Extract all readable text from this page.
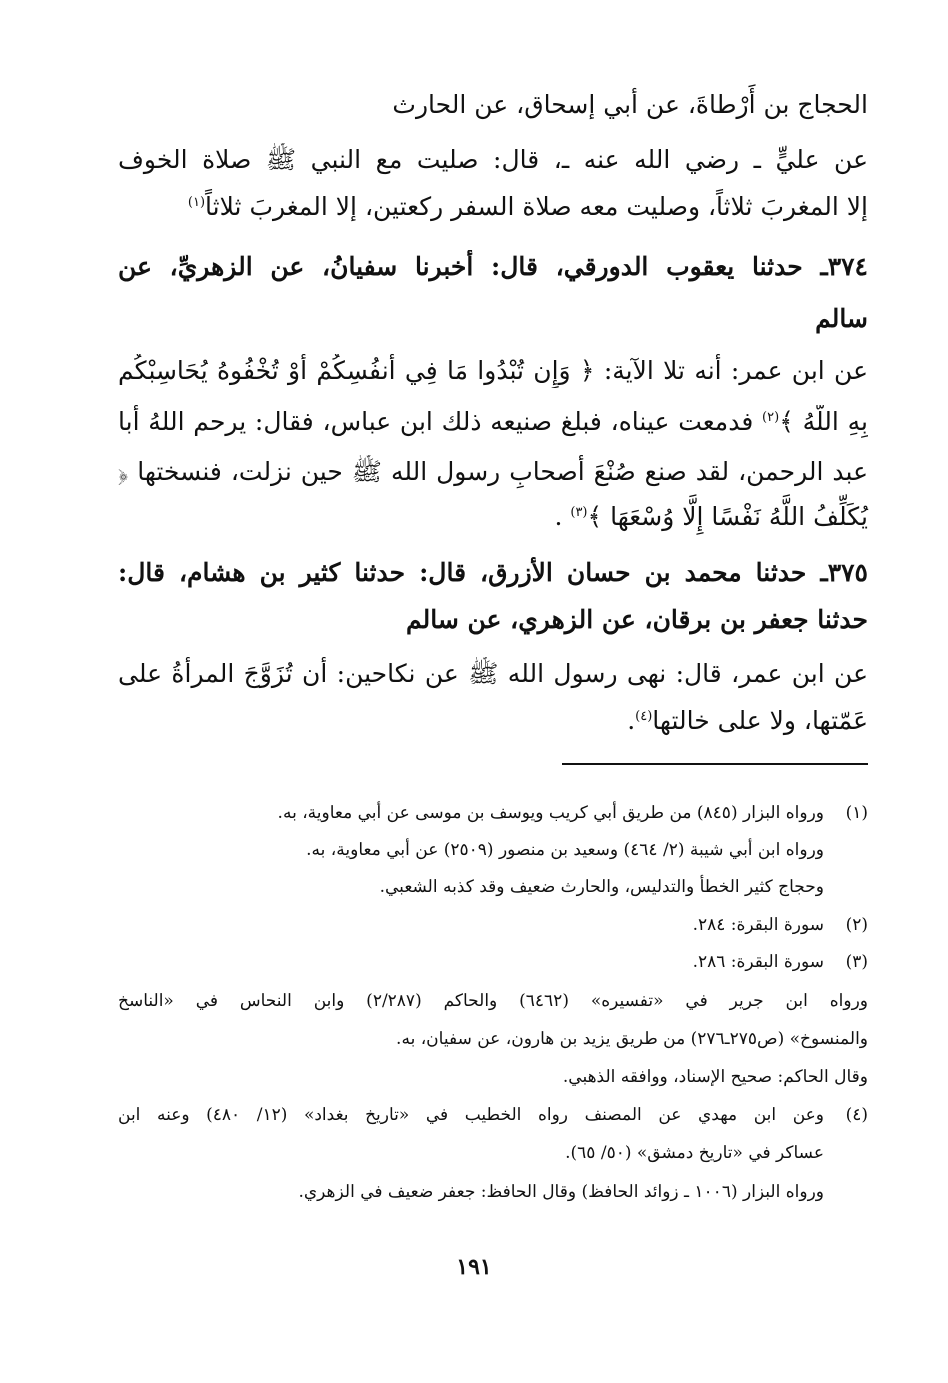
الحجاج بن أَرْطاةَ، عن أبي إسحاق، عن الحارث
عن عليٍّ ـ رضي الله عنه ـ، قال: صليت مع النبي ﷺ صلاة الخوف
إلا المغربَ ثلاثاً، وصليت معه صلاة السفر ركعتين، إلا المغربَ ثلاثاً$^{(١)}$
٣٧٤ـ حدثنا يعقوب الدورقي، قال: أخبرنا سفيانُ، عن الزهريِّ، عن
سالم
عن ابن عمر: أنه تلا الآية: ﴿ وَإِن تُبْدُوا مَا فِي أَنفُسِكُمْ أَوْ تُخْفُوهُ يُحَاسِبْكُم
بِهِ اللَّهُ ﴾$^{(٢)}$ فدمعت عيناه، فبلغ صنيعه ذلك ابن عباس، فقال: يرحم اللهُ أبا
عبد الرحمن، لقد صنع صُنْعَ أصحابِ رسول الله ﷺ حين نزلت، فنسختها ﴿
يُكَلِّفُ اللَّهُ نَفْسًا إِلَّا وُسْعَهَا ﴾$^{(٣)}$ .
٣٧٥ـ حدثنا محمد بن حسان الأزرق، قال: حدثنا كثير بن هشام، قال:
حدثنا جعفر بن برقان، عن الزهري، عن سالم
عن ابن عمر، قال: نهى رسول الله ﷺ عن نكاحين: أن تُزَوَّجَ المرأةُ على
عَمّتها، ولا على خالتها$^{(٤)}$.
(١)
ورواه البزار (٨٤٥) من طريق أبي كريب ويوسف بن موسى عن أبي معاوية، به.
ورواه ابن أبي شيبة (٢/ ٤٦٤) وسعيد بن منصور (٢٥٠٩) عن أبي معاوية، به.
وحجاج كثير الخطأ والتدليس، والحارث ضعيف وقد كذبه الشعبي.
(٢)
سورة البقرة: ٢٨٤.
(٣)
سورة البقرة: ٢٨٦.
ورواه ابن جرير في «تفسيره» (٦٤٦٢) والحاكم (٢/٢٨٧) وابن النحاس في «الناسخ
والمنسوخ» (ص٢٧٥ـ٢٧٦) من طريق يزيد بن هارون، عن سفيان، به.
وقال الحاكم: صحيح الإسناد، ووافقه الذهبي.
(٤)
وعن ابن مهدي عن المصنف رواه الخطيب في «تاريخ بغداد» (١٢/ ٤٨٠) وعنه ابن
عساكر في «تاريخ دمشق» (٥٠/ ٦٥).
ورواه البزار (١٠٠٦ ـ زوائد الحافظ) وقال الحافظ: جعفر ضعيف في الزهري.
١٩١
